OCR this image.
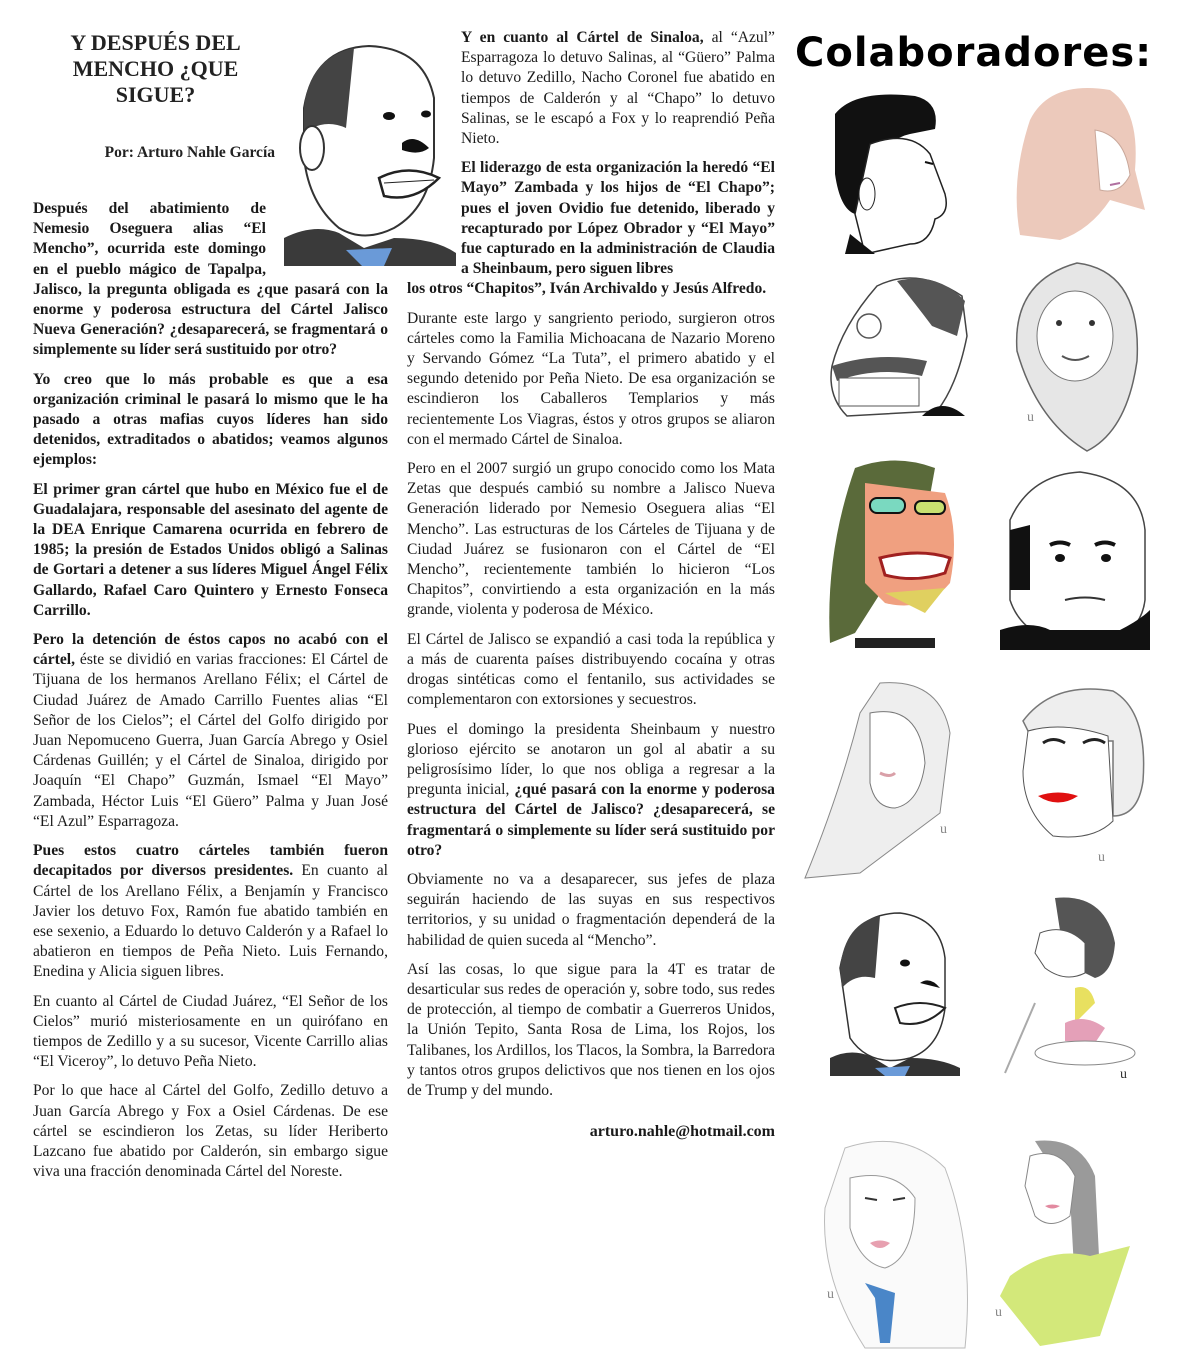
Y DESPUÉS DEL
MENCHO ¿QUE
SIGUE?
Por: Arturo Nahle García

Después del abatimiento de Nemesio Oseguera alias “El Mencho”, ocurrida este domingo en el pueblo mágico de Tapalpa, Jalisco, la pregunta obligada es ¿que pasará con la enorme y poderosa estructura del Cártel Jalisco Nueva Generación? ¿desaparecerá, se fragmentará o simplemente su líder será sustituido por otro?

Yo creo que lo más probable es que a esa organización criminal le pasará lo mismo que le ha pasado a otras mafias cuyos líderes han sido detenidos, extraditados o abatidos; veamos algunos ejemplos:

El primer gran cártel que hubo en México fue el de Guadalajara, responsable del asesinato del agente de la DEA Enrique Camarena ocurrida en febrero de 1985; la presión de Estados Unidos obligó a Salinas de Gortari a detener a sus líderes Miguel Ángel Félix Gallardo, Rafael Caro Quintero y Ernesto Fonseca Carrillo.

Pero la detención de éstos capos no acabó con el cártel, éste se dividió en varias fracciones: El Cártel de Tijuana de los hermanos Arellano Félix; el Cártel de Ciudad Juárez de Amado Carrillo Fuentes alias “El Señor de los Cielos”; el Cártel del Golfo dirigido por Juan Nepomuceno Guerra, Juan García Abrego y Osiel Cárdenas Guillén; y el Cártel de Sinaloa, dirigido por Joaquín “El Chapo” Guzmán, Ismael “El Mayo” Zambada, Héctor Luis “El Güero” Palma y Juan José “El Azul” Esparragoza.

Pues estos cuatro cárteles también fueron decapitados por diversos presidentes. En cuanto al Cártel de los Arellano Félix, a Benjamín y Francisco Javier los detuvo Fox, Ramón fue abatido también en ese sexenio, a Eduardo lo detuvo Calderón y a Rafael lo abatieron en tiempos de Peña Nieto. Luis Fernando, Enedina y Alicia siguen libres.

En cuanto al Cártel de Ciudad Juárez, “El Señor de los Cielos” murió misteriosamente en un quirófano en tiempos de Zedillo y a su sucesor, Vicente Carrillo alias “El Viceroy”, lo detuvo Peña Nieto.

Por lo que hace al Cártel del Golfo, Zedillo detuvo a Juan García Abrego y Fox a Osiel Cárdenas. De ese cártel se escindieron los Zetas, su líder Heriberto Lazcano fue abatido por Calderón, sin embargo sigue viva una fracción denominada Cártel del Noreste.

Y en cuanto al Cártel de Sinaloa, al “Azul” Esparragoza lo detuvo Salinas, al “Güero” Palma lo detuvo Zedillo, Nacho Coronel fue abatido en tiempos de Calderón y al “Chapo” lo detuvo Salinas, se le escapó a Fox y lo reaprendió Peña Nieto.

El liderazgo de esta organización la heredó “El Mayo” Zambada y los hijos de “El Chapo”; pues el joven Ovidio fue detenido, liberado y recapturado por López Obrador y “El Mayo” fue capturado en la administración de Claudia a Sheinbaum, pero siguen libres

los otros “Chapitos”, Iván Archivaldo y Jesús Alfredo.

Durante este largo y sangriento periodo, surgieron otros cárteles como la Familia Michoacana de Nazario Moreno y Servando Gómez “La Tuta”, el primero abatido y el segundo detenido por Peña Nieto. De esa organización se escindieron los Caballeros Templarios y más recientemente Los Viagras, éstos y otros grupos se aliaron con el mermado Cártel de Sinaloa.

Pero en el 2007 surgió un grupo conocido como los Mata Zetas que después cambió su nombre a Jalisco Nueva Generación liderado por Nemesio Oseguera alias “El Mencho”. Las estructuras de los Cárteles de Tijuana y de Ciudad Juárez se fusionaron con el Cártel de “El Mencho”, recientemente también lo hicieron “Los Chapitos”, convirtiendo a esta organización en la más grande, violenta y poderosa de México.

El Cártel de Jalisco se expandió a casi toda la república y a más de cuarenta países distribuyendo cocaína y otras drogas sintéticas como el fentanilo, sus actividades se complementaron con extorsiones y secuestros.

Pues el domingo la presidenta Sheinbaum y nuestro glorioso ejército se anotaron un gol al abatir a su peligrosísimo líder, lo que nos obliga a regresar a la pregunta inicial, ¿qué pasará con la enorme y poderosa estructura del Cártel de Jalisco? ¿desaparecerá, se fragmentará o simplemente su líder será sustituido por otro?

Obviamente no va a desaparecer, sus jefes de plaza seguirán haciendo de las suyas en sus respectivos territorios, y su unidad o fragmentación dependerá de la habilidad de quien suceda al “Mencho”.

Así las cosas, lo que sigue para la 4T es tratar de desarticular sus redes de operación y, sobre todo, sus redes de protección, al tiempo de combatir a Guerreros Unidos, la Unión Tepito, Santa Rosa de Lima, los Rojos, los Talibanes, los Ardillos, los Tlacos, la Sombra, la Barredora y tantos otros grupos delictivos que nos tienen en los ojos de Trump y del mundo.

arturo.nahle@hotmail.com
Colaboradores:
u
u
u
u
u
u
